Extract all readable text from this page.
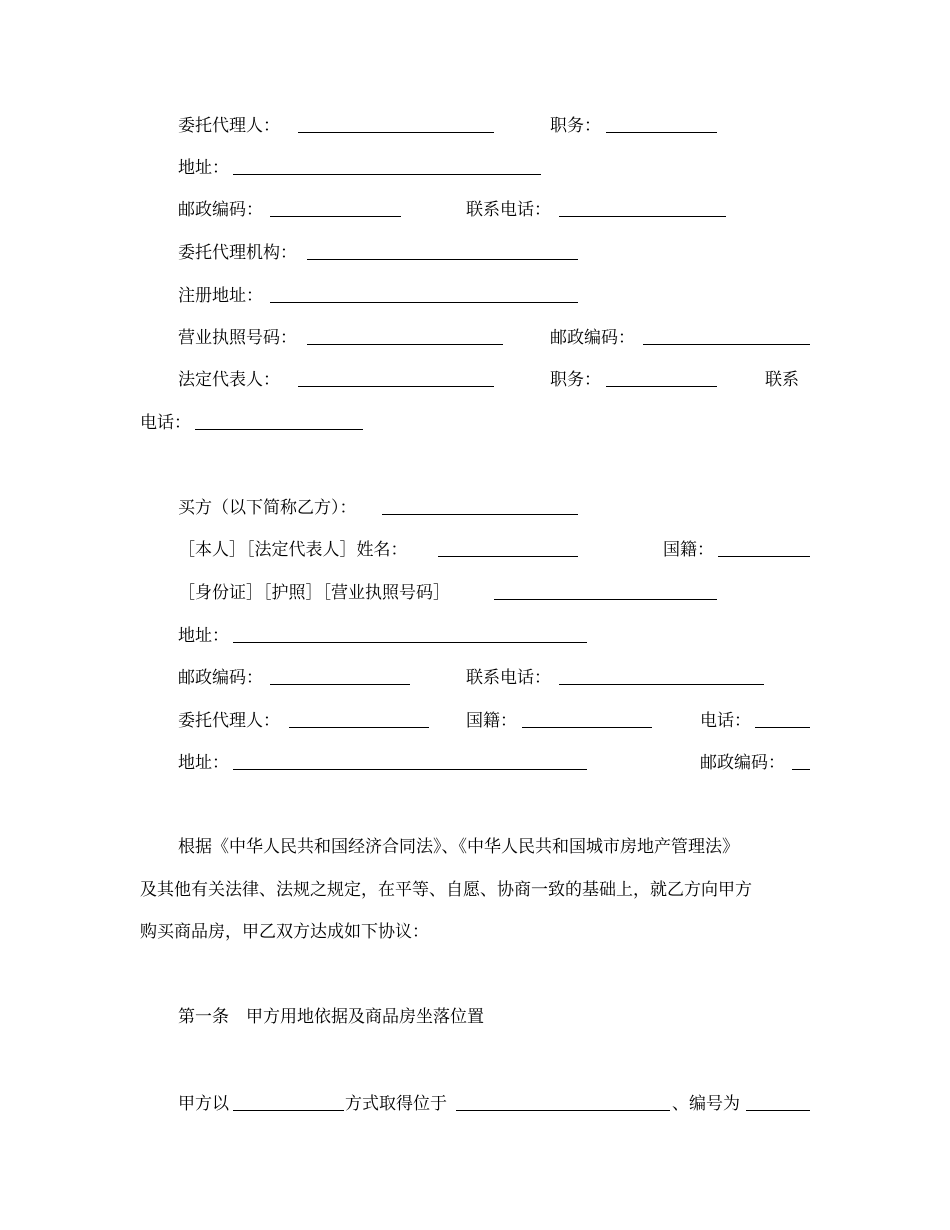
委托代理人：	职务：
地址：
邮政编码：	联系电话：
委托代理机构：
注册地址：
营业执照号码：	邮政编码：
法定代表人：	职务：	联系
电话：
买方（以下简称乙方）：
［本人］［法定代表人］姓名：	国籍：
［身份证］［护照］［营业执照号码］
地址：
邮政编码：	联系电话：
委托代理人：	国籍：	电话：
地址：	邮政编码：
根据《中华人民共和国经济合同法》、《中华人民共和国城市房地产管理法》
及其他有关法律、法规之规定，在平等、自愿、协商一致的基础上，就乙方向甲方
购买商品房，甲乙双方达成如下协议：
第一条　甲方用地依据及商品房坐落位置
甲方以	方式取得位于	、编号为
